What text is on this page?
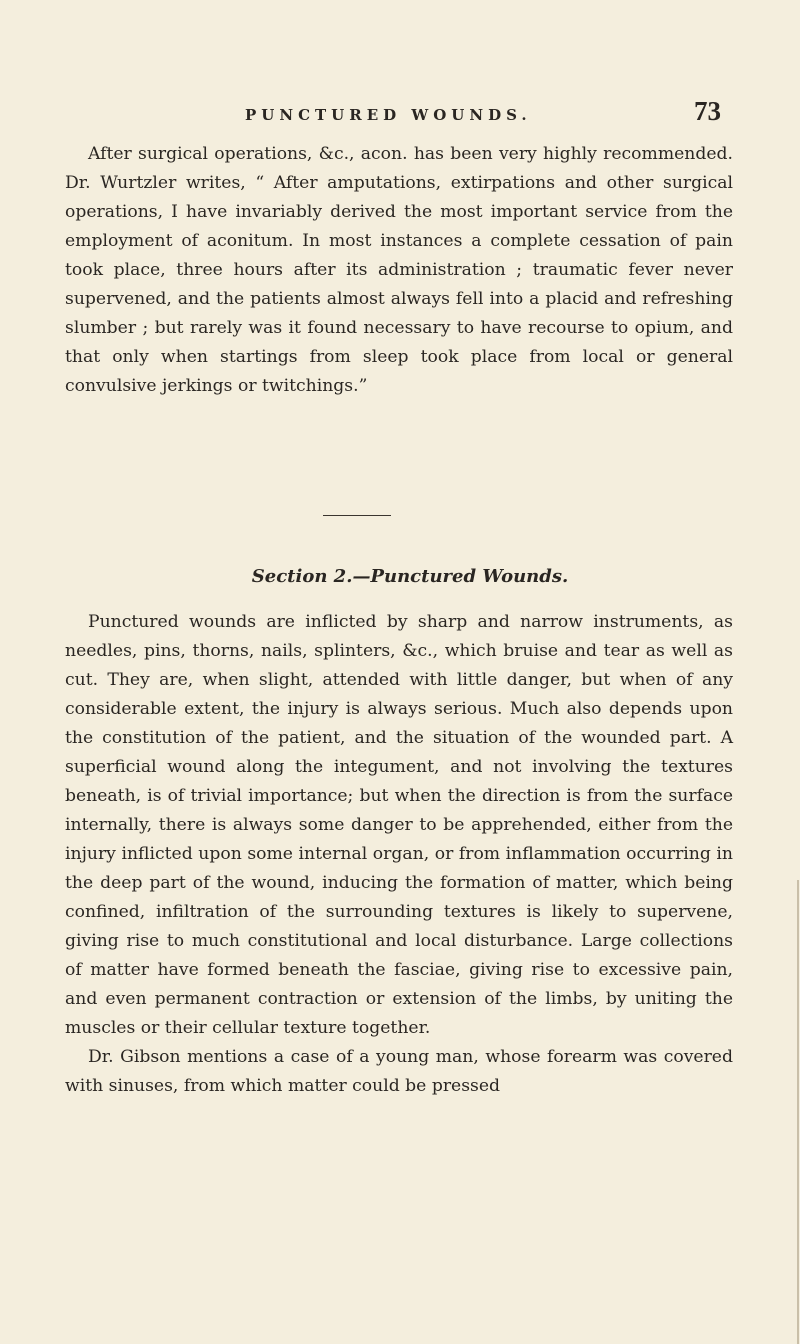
PUNCTURED WOUNDS.	73

After surgical operations, &c., acon. has been very highly recommended. Dr. Wurtzler writes, “ After amputations, extirpations and other surgical operations, I have invariably derived the most important service from the employment of aconitum. In most instances a complete cessation of pain took place, three hours after its administration ; traumatic fever never supervened, and the patients almost always fell into a placid and refreshing slumber ; but rarely was it found necessary to have recourse to opium, and that only when startings from sleep took place from local or general convulsive jerkings or twitchings.”

Section 2.—Punctured Wounds.

Punctured wounds are inflicted by sharp and narrow instruments, as needles, pins, thorns, nails, splinters, &c., which bruise and tear as well as cut. They are, when slight, attended with little danger, but when of any considerable extent, the injury is always serious. Much also depends upon the constitution of the patient, and the situation of the wounded part. A superficial wound along the integument, and not involving the textures beneath, is of trivial importance; but when the direction is from the surface internally, there is always some danger to be apprehended, either from the injury inflicted upon some internal organ, or from inflammation occurring in the deep part of the wound, inducing the formation of matter, which being confined, infiltration of the surrounding textures is likely to supervene, giving rise to much constitutional and local disturbance. Large collections of matter have formed beneath the fasciae, giving rise to excessive pain, and even permanent contraction or extension of the limbs, by uniting the muscles or their cellular texture together.

Dr. Gibson mentions a case of a young man, whose forearm was covered with sinuses, from which matter could be pressed
